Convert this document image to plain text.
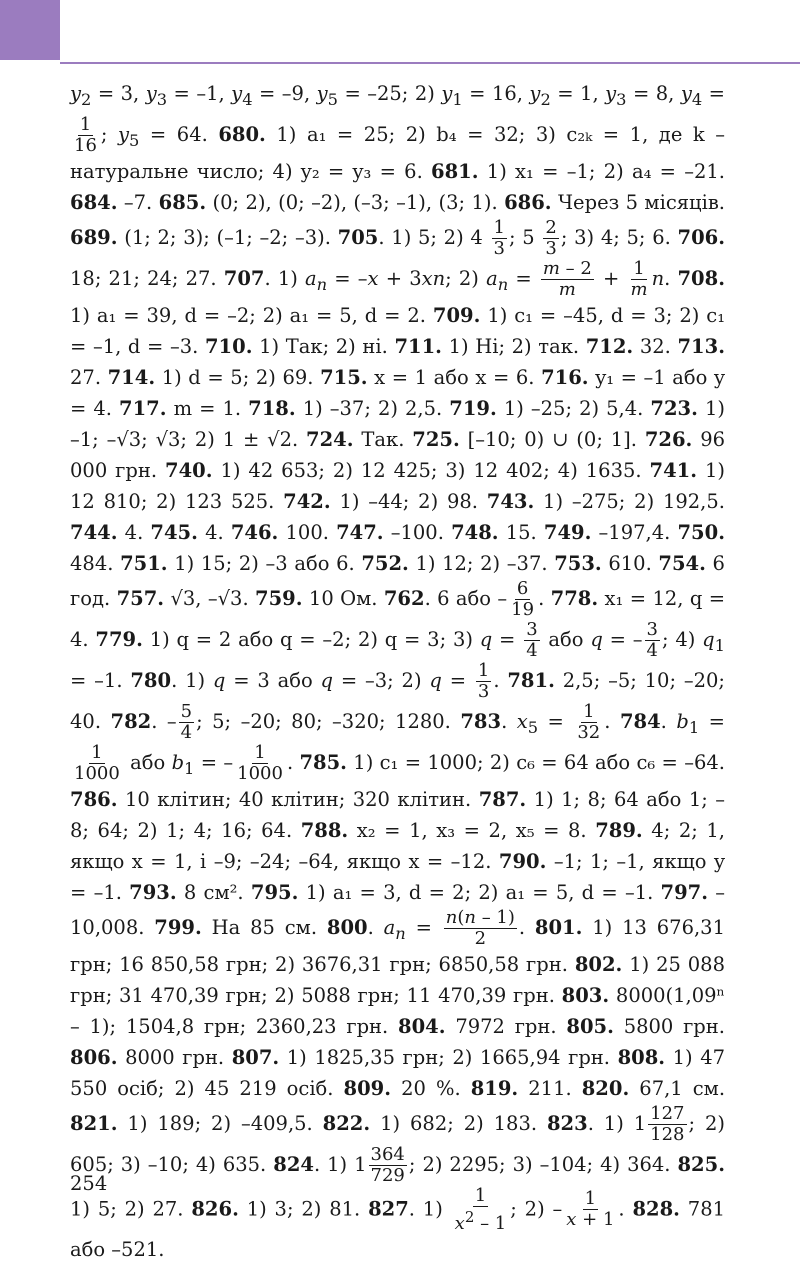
$y_2 = 3$, $y_3 = -1$, $y_4 = -9$, $y_5 = -25$; 2) $y_1 = 16$, $y_2 = 1$, $y_3 = 8$, $y_4$ =
$\frac{1}{16}$ ; $y_5 = 64$. 680. 1) a₁ = 25; 2) b₄ = 32; 3) c₂ₖ = 1, де k – натуральне число; 4) y₂ = y₃ = 6. 681. 1) x₁ = –1; 2) a₄ = –21. 684. –7. 685. (0; 2), (0; –2), (–3; –1), (3; 1). 686. Через 5 місяців. 689. (1; 2; 3); (–1; –2; –3). 705. 1) 5; 2) $4 \frac{1}{3}$ ; $5 \frac{2}{3}$ ; 3) 4; 5; 6. 706. 18; 21; 24; 27. 707. 1) $a_n = -x + 3xn$; 2) $a_n = \frac{m - 2}{m} + \frac{1}{m} n$. 708. 1) a₁ = 39, d = –2; 2) a₁ = 5, d = 2. 709. 1) c₁ = –45, d = 3; 2) c₁ = –1, d = –3. 710. 1) Так; 2) ні. 711. 1) Ні; 2) так. 712. 32. 713. 27. 714. 1) d = 5; 2) 69. 715. x = 1 або x = 6. 716. y₁ = –1 або y = 4. 717. m = 1. 718. 1) –37; 2) 2,5. 719. 1) –25; 2) 5,4. 723. 1) –1; –√3; √3; 2) 1 ± √2. 724. Так. 725. [–10; 0) ∪ (0; 1]. 726. 96 000 грн. 740. 1) 42 653; 2) 12 425; 3) 12 402; 4) 1635. 741. 1) 12 810; 2) 123 525. 742. 1) –44; 2) 98. 743. 1) –275; 2) 192,5. 744. 4. 745. 4. 746. 100. 747. –100. 748. 15. 749. –197,4. 750. 484. 751. 1) 15; 2) –3 або 6. 752. 1) 12; 2) –37. 753. 610. 754. 6 год. 757. √3, –√3. 759. 10 Ом. 762. 6 або – $\frac{6}{19}$ . 778. x₁ = 12, q = 4. 779. 1) q = 2 або q = –2; 2) q = 3; 3) $q = \frac{3}{4}$ або q = – $\frac{3}{4}$ ; 4) $q_1 = -1$. 780. 1) q = 3 або q = –3; 2) $q = \frac{1}{3}$ . 781. 2,5; –5; 10; –20; 40. 782. – $\frac{5}{4}$ ; 5; –20; 80; –320; 1280. 783. $x_5 = \frac{1}{32}$ . 784. $b_1$ =
$\frac{1}{1000}$ або $b_1$ = – $\frac{1}{1000}$ . 785. 1) c₁ = 1000; 2) c₆ = 64 або c₆ = –64. 786. 10 клітин; 40 клітин; 320 клітин. 787. 1) 1; 8; 64 або 1; –8; 64; 2) 1; 4; 16; 64. 788. x₂ = 1, x₃ = 2, x₅ = 8. 789. 4; 2; 1, якщо x = 1, і –9; –24; –64, якщо x = –12. 790. –1; 1; –1, якщо y = –1. 793. 8 см². 795. 1) a₁ = 3, d = 2; 2) a₁ = 5, d = –1. 797. –10,008. 799. На 85 см. 800. $a_n = \frac{n(n - 1)}{2}$ . 801. 1) 13 676,31 грн; 16 850,58 грн; 2) 3676,31 грн; 6850,58 грн. 802. 1) 25 088 грн; 31 470,39 грн; 2) 5088 грн; 11 470,39 грн. 803. 8000(1,09ⁿ – 1); 1504,8 грн; 2360,23 грн. 804. 7972 грн. 805. 5800 грн. 806. 8000 грн. 807. 1) 1825,35 грн; 2) 1665,94 грн. 808. 1) 47 550 осіб; 2) 45 219 осіб. 809. 20 %. 819. 211. 820. 67,1 см. 821. 1) 189; 2) –409,5. 822. 1) 682; 2) 183. 823. 1) $1 \frac{127}{128}$ ; 2) 605; 3) –10; 4) 635. 824. 1) $1 \frac{364}{729}$ ; 2) 2295; 3) –104; 4) 364. 825. 1) 5; 2) 27. 826. 1) 3; 2) 81. 827. $1) \frac{1}{x^2 - 1}$ ; $2) - \frac{1}{x + 1}$ . 828. 781 або –521.
254
